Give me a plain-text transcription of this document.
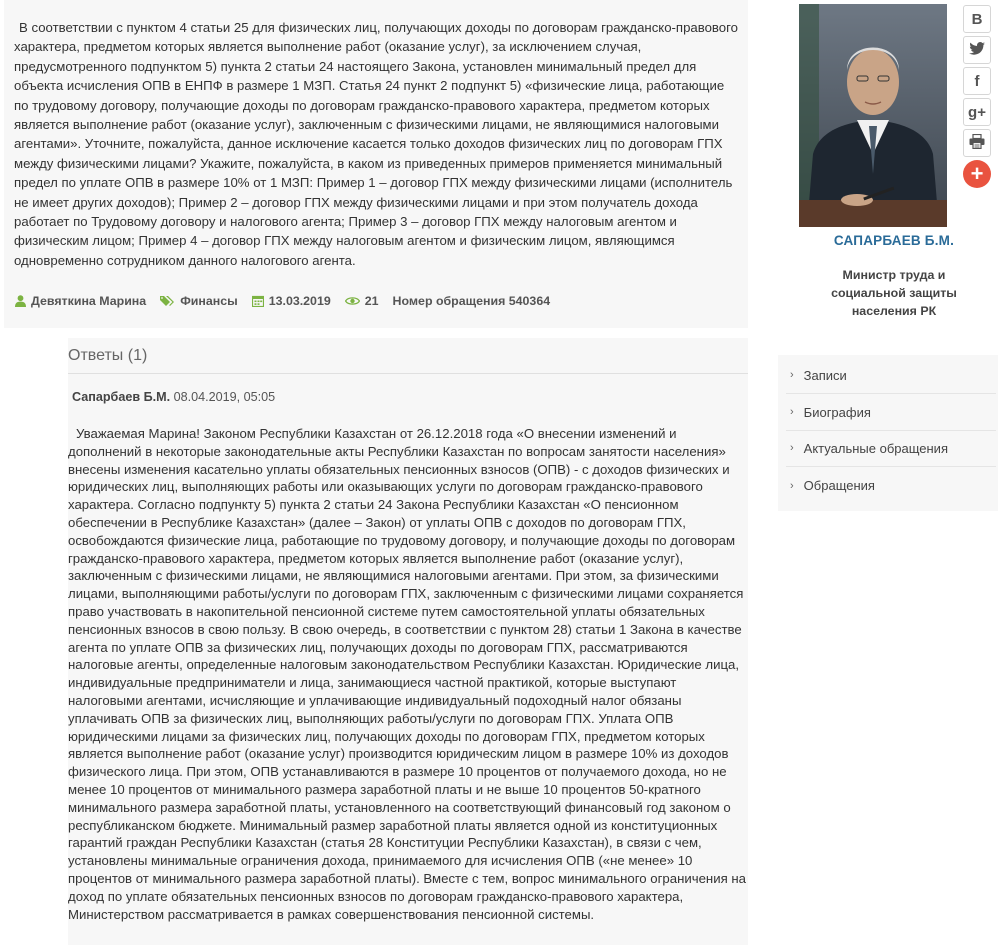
В соответствии с пунктом 4 статьи 25 для физических лиц, получающих доходы по договорам гражданско-правового характера, предметом которых является выполнение работ (оказание услуг), за исключением случая, предусмотренного подпунктом 5) пункта 2 статьи 24 настоящего Закона, установлен минимальный предел для объекта исчисления ОПВ в ЕНПФ в размере 1 МЗП. Статья 24 пункт 2 подпункт 5) «физические лица, работающие по трудовому договору, получающие доходы по договорам гражданско-правового характера, предметом которых является выполнение работ (оказание услуг), заключенным с физическими лицами, не являющимися налоговыми агентами». Уточните, пожалуйста, данное исключение касается только доходов физических лиц по договорам ГПХ между физическими лицами? Укажите, пожалуйста, в каком из приведенных примеров применяется минимальный предел по уплате ОПВ в размере 10% от 1 МЗП: Пример 1 – договор ГПХ между физическими лицами (исполнитель не имеет других доходов); Пример 2 – договор ГПХ между физическими лицами и при этом получатель дохода работает по Трудовому договору и налогового агента; Пример 3 – договор ГПХ между налоговым агентом и физическим лицом; Пример 4 – договор ГПХ между налоговым агентом и физическим лицом, являющимся одновременно сотрудником данного налогового агента.

Девяткина Марина	Финансы	13.03.2019	21 Номер обращения 540364
Ответы (1)
Сапарбаев Б.М. 08.04.2019, 05:05

Уважаемая Марина! Законом Республики Казахстан от 26.12.2018 года «О внесении изменений и дополнений в некоторые законодательные акты Республики Казахстан по вопросам занятости населения» внесены изменения касательно уплаты обязательных пенсионных взносов (ОПВ) - с доходов физических и юридических лиц, выполняющих работы или оказывающих услуги по договорам гражданско-правового характера. Согласно подпункту 5) пункта 2 статьи 24 Закона Республики Казахстан «О пенсионном обеспечении в Республике Казахстан» (далее – Закон) от уплаты ОПВ с доходов по договорам ГПХ, освобождаются физические лица, работающие по трудовому договору, и получающие доходы по договорам гражданско-правового характера, предметом которых является выполнение работ (оказание услуг), заключенным с физическими лицами, не являющимися налоговыми агентами. При этом, за физическими лицами, выполняющими работы/услуги по договорам ГПХ, заключенным с физическими лицами сохраняется право участвовать в накопительной пенсионной системе путем самостоятельной уплаты обязательных пенсионных взносов в свою пользу. В свою очередь, в соответствии с пунктом 28) статьи 1 Закона в качестве агента по уплате ОПВ за физических лиц, получающих доходы по договорам ГПХ, рассматриваются налоговые агенты, определенные налоговым законодательством Республики Казахстан. Юридические лица, индивидуальные предприниматели и лица, занимающиеся частной практикой, которые выступают налоговыми агентами, исчисляющие и уплачивающие индивидуальный подоходный налог обязаны уплачивать ОПВ за физических лиц, выполняющих работы/услуги по договорам ГПХ. Уплата ОПВ юридическими лицами за физических лиц, получающих доходы по договорам ГПХ, предметом которых является выполнение работ (оказание услуг) производится юридическим лицом в размере 10% из доходов физического лица. При этом, ОПВ устанавливаются в размере 10 процентов от получаемого дохода, но не менее 10 процентов от минимального размера заработной платы и не выше 10 процентов 50-кратного минимального размера заработной платы, установленного на соответствующий финансовый год законом о республиканском бюджете. Минимальный размер заработной платы является одной из конституционных гарантий граждан Республики Казахстан (статья 28 Конституции Республики Казахстан), в связи с чем, установлены минимальные ограничения дохода, принимаемого для исчисления ОПВ («не менее» 10 процентов от минимального размера заработной платы). Вместе с тем, вопрос минимального ограничения на доход по уплате обязательных пенсионных взносов по договорам гражданско-правового характера, Министерством рассматривается в рамках совершенствования пенсионной системы.

В
f
g+
+
САПАРБАЕВ Б.М.
Министр труда и социальной защиты населения РК
› Записи
› Биография
› Актуальные обращения
› Обращения
